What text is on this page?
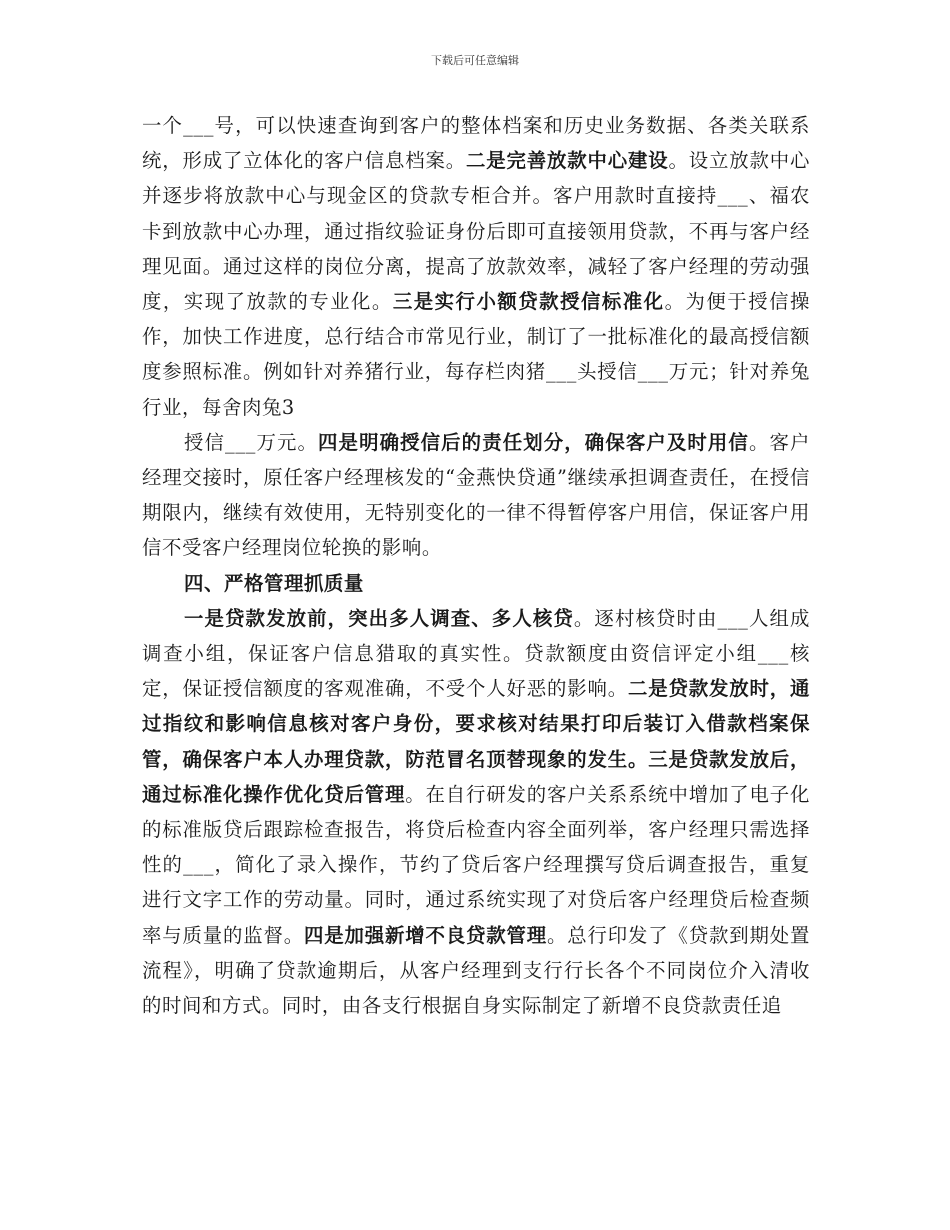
下载后可任意编辑

一个___号，可以快速查询到客户的整体档案和历史业务数据、各类关联系统，形成了立体化的客户信息档案。二是完善放款中心建设。设立放款中心并逐步将放款中心与现金区的贷款专柜合并。客户用款时直接持___、福农卡到放款中心办理，通过指纹验证身份后即可直接领用贷款，不再与客户经理见面。通过这样的岗位分离，提高了放款效率，减轻了客户经理的劳动强度，实现了放款的专业化。三是实行小额贷款授信标准化。为便于授信操作，加快工作进度，总行结合市常见行业，制订了一批标准化的最高授信额度参照标准。例如针对养猪行业，每存栏肉猪___头授信___万元；针对养兔行业，每舍肉兔3

授信___万元。四是明确授信后的责任划分，确保客户及时用信。客户经理交接时，原任客户经理核发的“金燕快贷通”继续承担调查责任，在授信期限内，继续有效使用，无特别变化的一律不得暂停客户用信，保证客户用信不受客户经理岗位轮换的影响。

四、严格管理抓质量

一是贷款发放前，突出多人调查、多人核贷。逐村核贷时由___人组成调查小组，保证客户信息猎取的真实性。贷款额度由资信评定小组___核定，保证授信额度的客观准确，不受个人好恶的影响。二是贷款发放时，通过指纹和影响信息核对客户身份，要求核对结果打印后装订入借款档案保管，确保客户本人办理贷款，防范冒名顶替现象的发生。三是贷款发放后，通过标准化操作优化贷后管理。在自行研发的客户关系系统中增加了电子化的标准版贷后跟踪检查报告，将贷后检查内容全面列举，客户经理只需选择性的___，简化了录入操作，节约了贷后客户经理撰写贷后调查报告，重复进行文字工作的劳动量。同时，通过系统实现了对贷后客户经理贷后检查频率与质量的监督。四是加强新增不良贷款管理。总行印发了《贷款到期处置流程》，明确了贷款逾期后，从客户经理到支行行长各个不同岗位介入清收的时间和方式。同时，由各支行根据自身实际制定了新增不良贷款责任追
